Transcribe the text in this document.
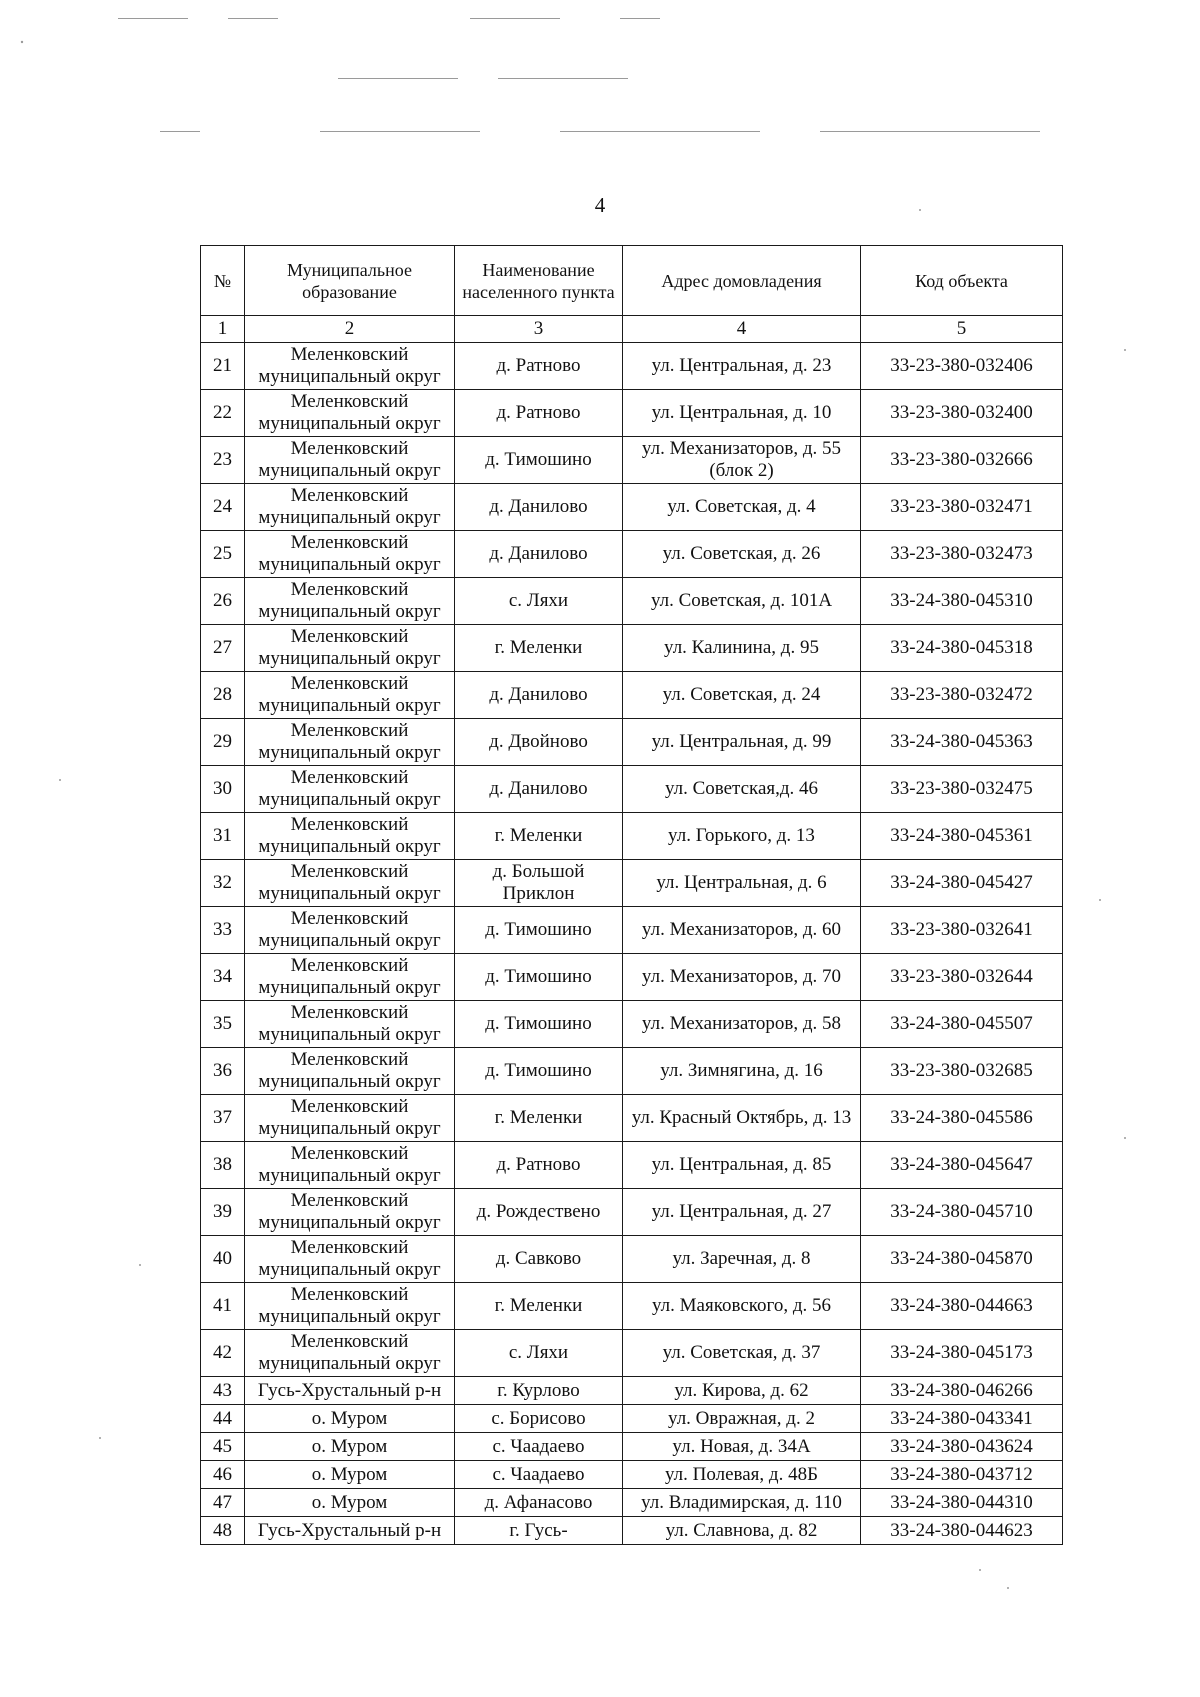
4
№	Муниципальное образование	Наименование населенного пункта	Адрес домовладения	Код объекта
1	2	3	4	5
21	Меленковский муниципальный округ	д. Ратново	ул. Центральная, д. 23	33-23-380-032406
22	Меленковский муниципальный округ	д. Ратново	ул. Центральная, д. 10	33-23-380-032400
23	Меленковский муниципальный округ	д. Тимошино	ул. Механизаторов, д. 55 (блок 2)	33-23-380-032666
24	Меленковский муниципальный округ	д. Данилово	ул. Советская, д. 4	33-23-380-032471
25	Меленковский муниципальный округ	д. Данилово	ул. Советская, д. 26	33-23-380-032473
26	Меленковский муниципальный округ	с. Ляхи	ул. Советская, д. 101А	33-24-380-045310
27	Меленковский муниципальный округ	г. Меленки	ул. Калинина, д. 95	33-24-380-045318
28	Меленковский муниципальный округ	д. Данилово	ул. Советская, д. 24	33-23-380-032472
29	Меленковский муниципальный округ	д. Двойново	ул. Центральная, д. 99	33-24-380-045363
30	Меленковский муниципальный округ	д. Данилово	ул. Советская,д. 46	33-23-380-032475
31	Меленковский муниципальный округ	г. Меленки	ул. Горького, д. 13	33-24-380-045361
32	Меленковский муниципальный округ	д. Большой Приклон	ул. Центральная, д. 6	33-24-380-045427
33	Меленковский муниципальный округ	д. Тимошино	ул. Механизаторов, д. 60	33-23-380-032641
34	Меленковский муниципальный округ	д. Тимошино	ул. Механизаторов, д. 70	33-23-380-032644
35	Меленковский муниципальный округ	д. Тимошино	ул. Механизаторов, д. 58	33-24-380-045507
36	Меленковский муниципальный округ	д. Тимошино	ул. Зимнягина, д. 16	33-23-380-032685
37	Меленковский муниципальный округ	г. Меленки	ул. Красный Октябрь, д. 13	33-24-380-045586
38	Меленковский муниципальный округ	д. Ратново	ул. Центральная, д. 85	33-24-380-045647
39	Меленковский муниципальный округ	д. Рождествено	ул. Центральная, д. 27	33-24-380-045710
40	Меленковский муниципальный округ	д. Савково	ул. Заречная, д. 8	33-24-380-045870
41	Меленковский муниципальный округ	г. Меленки	ул. Маяковского, д. 56	33-24-380-044663
42	Меленковский муниципальный округ	с. Ляхи	ул. Советская, д. 37	33-24-380-045173
43	Гусь-Хрустальный р-н	г. Курлово	ул. Кирова, д. 62	33-24-380-046266
44	о. Муром	с. Борисово	ул. Овражная, д. 2	33-24-380-043341
45	о. Муром	с. Чаадаево	ул. Новая, д. 34А	33-24-380-043624
46	о. Муром	с. Чаадаево	ул. Полевая, д. 48Б	33-24-380-043712
47	о. Муром	д. Афанасово	ул. Владимирская, д. 110	33-24-380-044310
48	Гусь-Хрустальный р-н	г. Гусь-	ул. Славнова, д. 82	33-24-380-044623
